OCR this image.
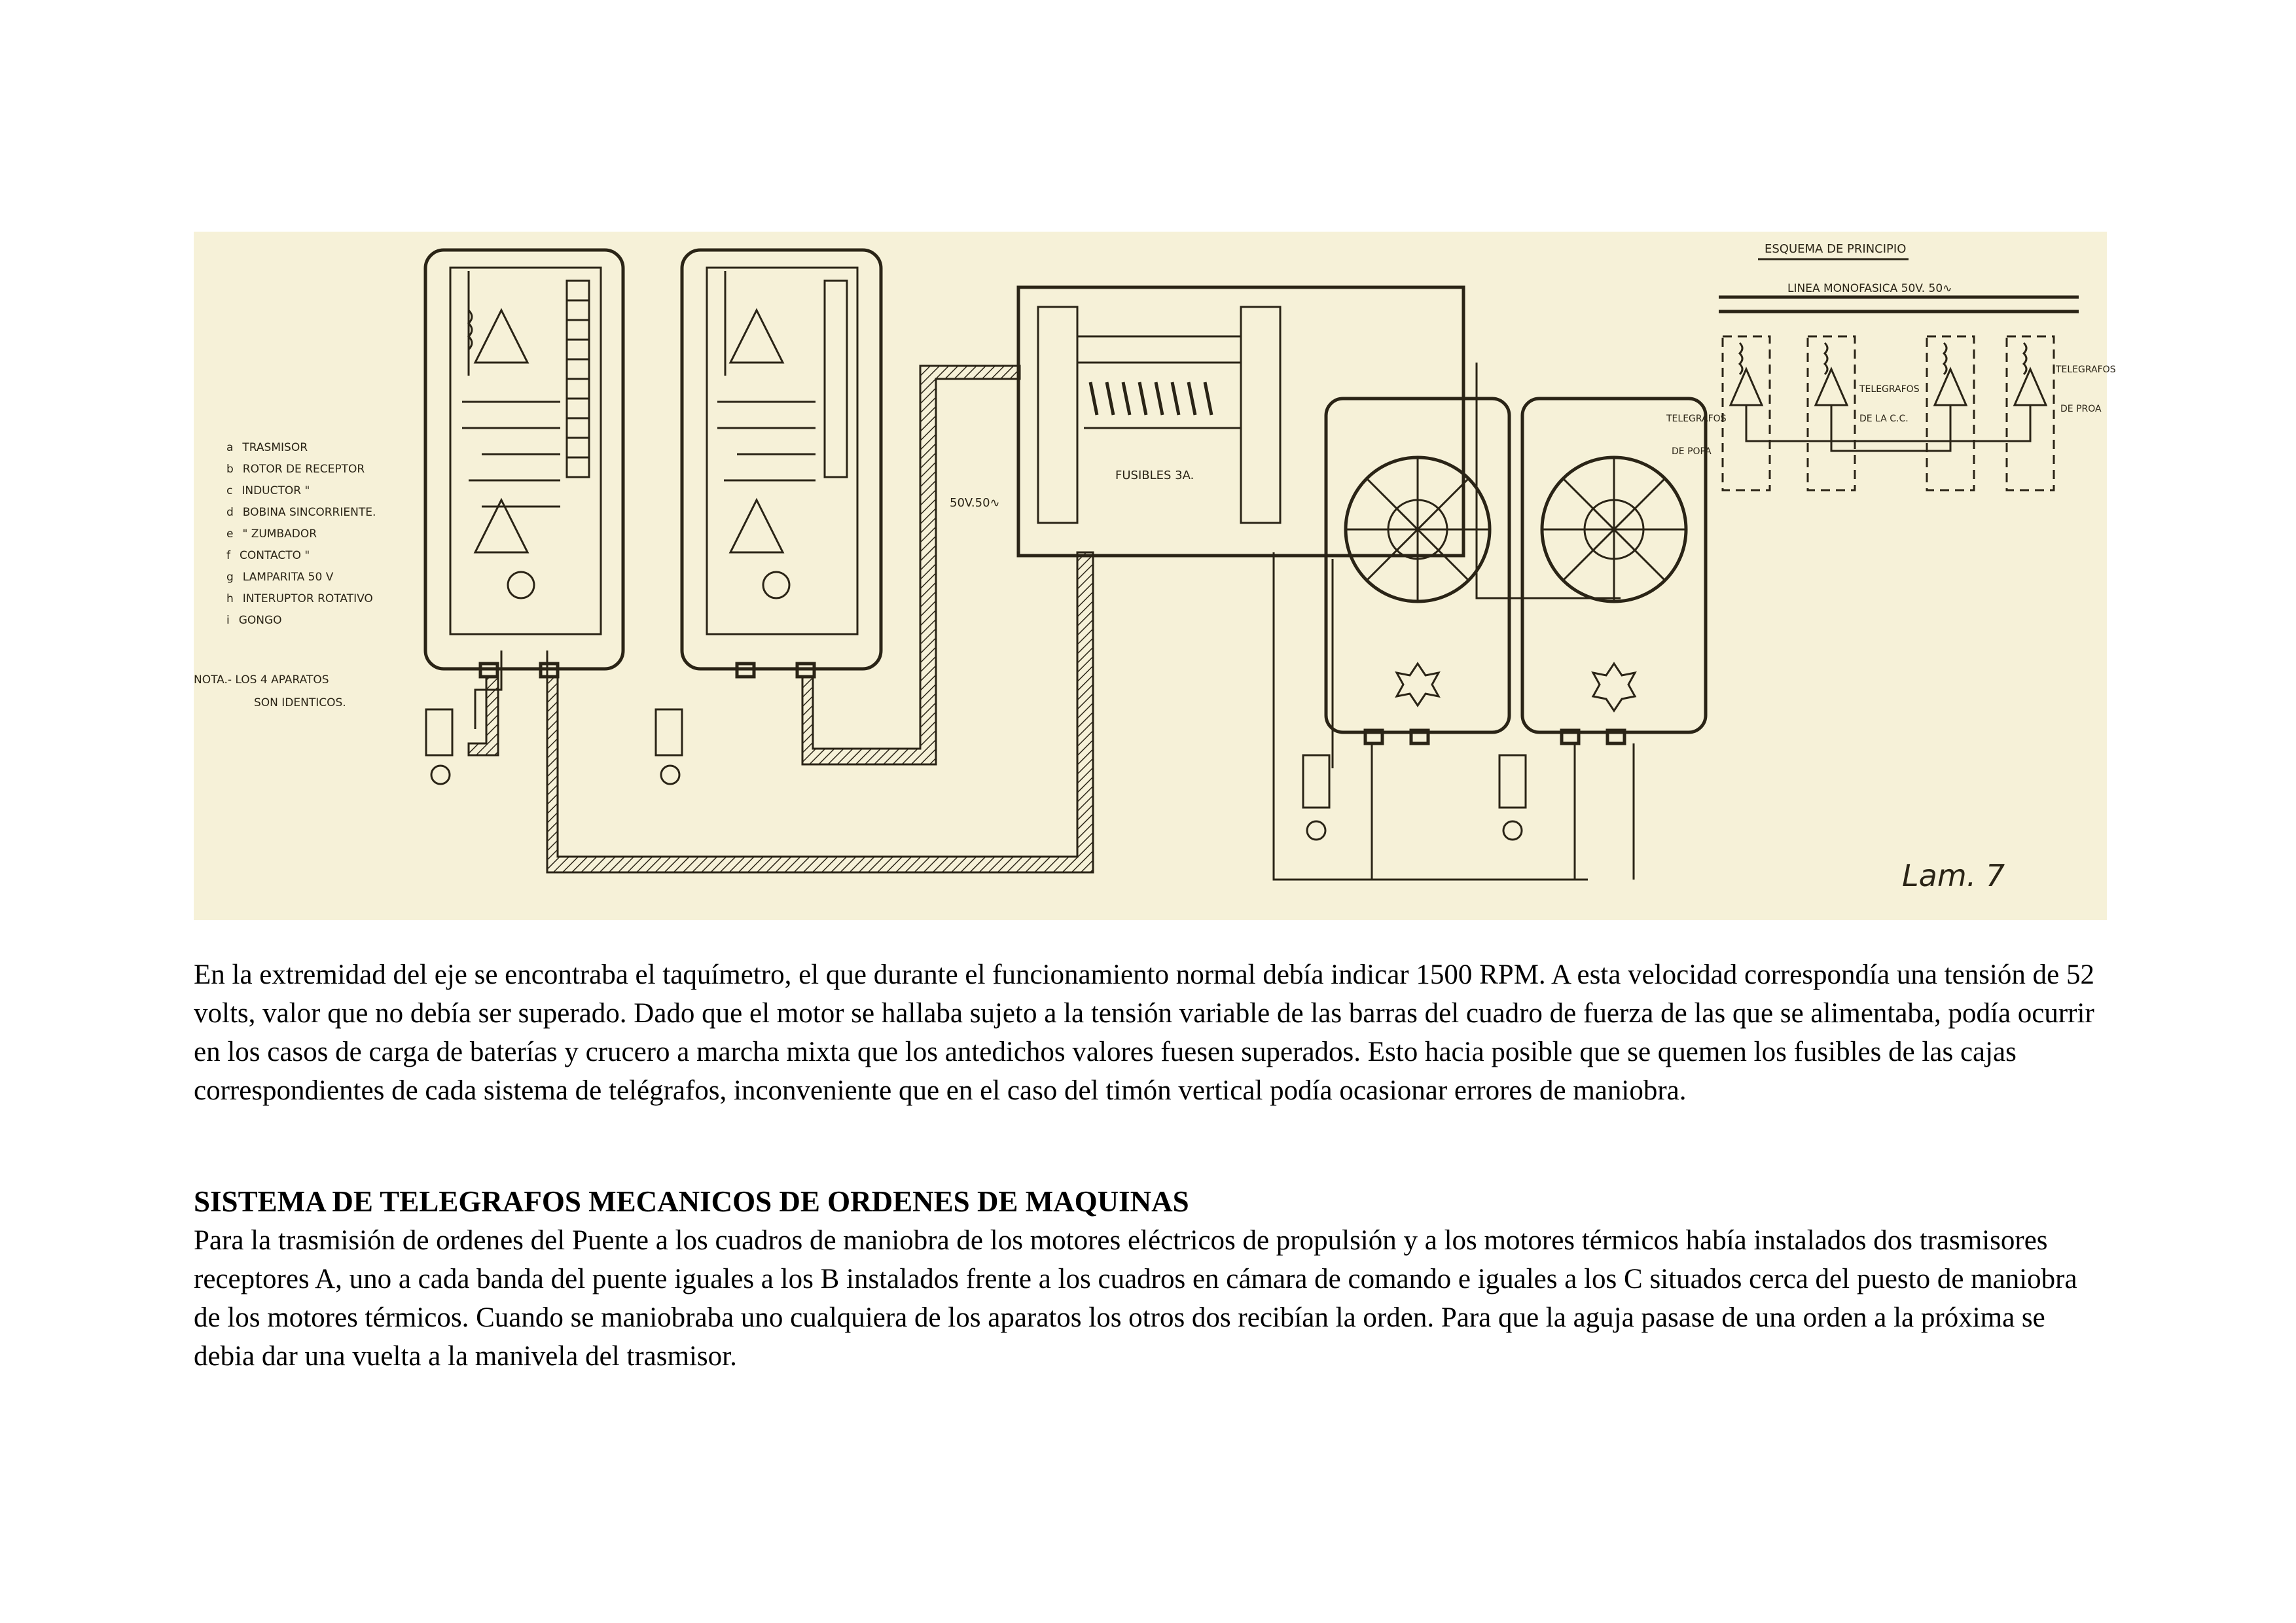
a TRASMISOR
b ROTOR DE RECEPTOR
c INDUCTOR "
d BOBINA SINCORRIENTE.
e " ZUMBADOR
f CONTACTO "
g LAMPARITA 50 V
h INTERUPTOR ROTATIVO
i GONGO
NOTA.- LOS 4 APARATOS
SON IDENTICOS.
FUSIBLES 3A.
50V.50∿
ESQUEMA DE PRINCIPIO
LINEA MONOFASICA 50V. 50∿
TELEGRAFOS
DE POPA
TELEGRAFOS
DE LA C.C.
TELEGRAFOS
DE PROA
Lam. 7

En la extremidad del eje se encontraba el taquímetro, el que durante el funcionamiento normal debía indicar 1500 RPM. A esta velocidad correspondía una tensión de 52 volts, valor que no debía ser superado. Dado que el motor se hallaba sujeto a la tensión variable de las barras del cuadro de fuerza de las que se alimentaba, podía ocurrir en los casos de carga de baterías y crucero a marcha mixta que los antedichos valores fuesen superados. Esto hacia posible que se quemen los fusibles de las cajas correspondientes de cada sistema de telégrafos, inconveniente que en el caso del timón vertical podía ocasionar errores de maniobra.

SISTEMA DE TELEGRAFOS MECANICOS DE ORDENES DE MAQUINAS

Para la trasmisión de ordenes del Puente a los cuadros de maniobra de los motores eléctricos de propulsión y a los motores térmicos había instalados dos trasmisores receptores A, uno a cada banda del puente iguales a los B instalados frente a los cuadros en cámara de comando e iguales a los C situados cerca del puesto de maniobra de los motores térmicos. Cuando se maniobraba uno cualquiera de los aparatos los otros dos recibían la orden. Para que la aguja pasase de una orden a la próxima se debia dar una vuelta a la manivela del trasmisor.
